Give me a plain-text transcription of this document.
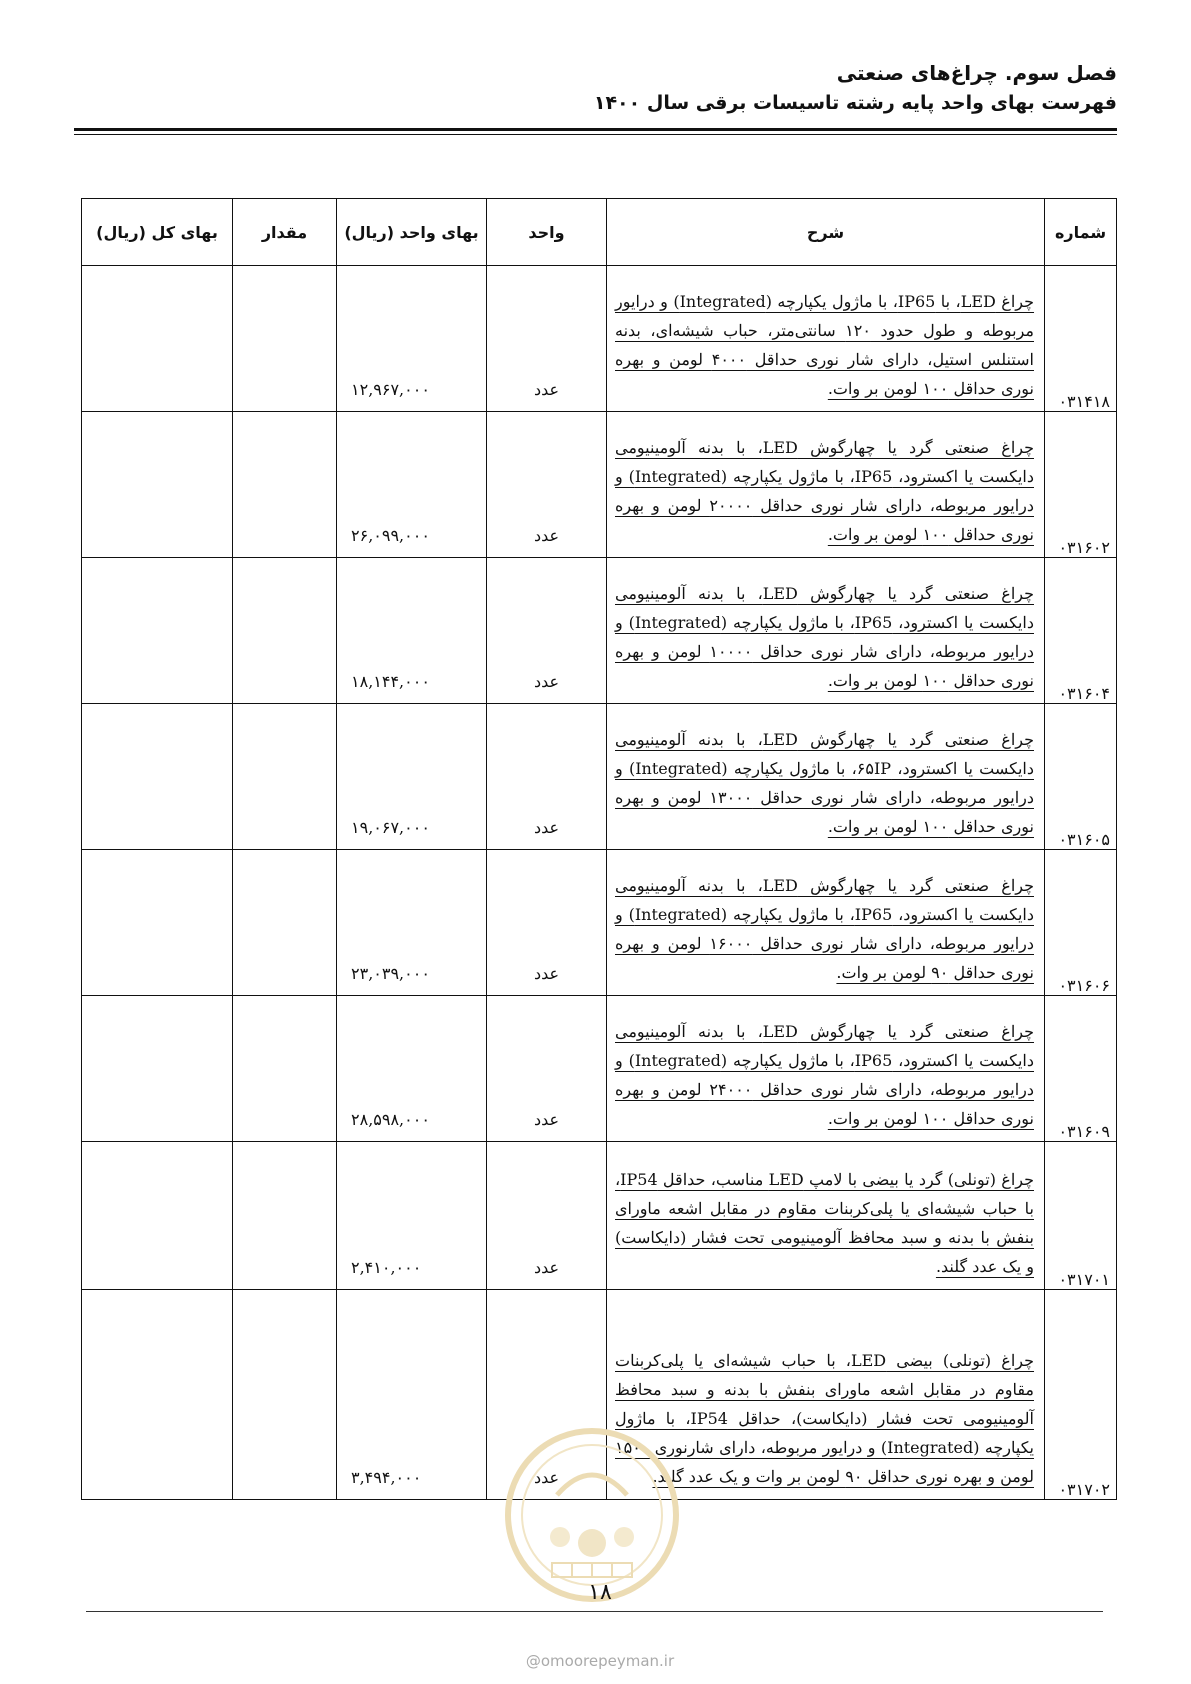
فصل سوم. چراغ‌های صنعتی
فهرست بهای واحد پایه رشته تاسیسات برقی سال ۱۴۰۰
شماره	شرح	واحد	بهای واحد (ریال)	مقدار	بهای کل (ریال)
۰۳۱۴۱۸	چراغ LED، با IP65، با ماژول یکپارچه (Integrated) و درایور مربوطه و طول حدود ۱۲۰ سانتی‌متر، حباب شیشه‌ای، بدنه استنلس استیل، دارای شار نوری حداقل ۴۰۰۰ لومن و بهره نوری حداقل ۱۰۰ لومن بر وات.	عدد	۱۲,۹۶۷,۰۰۰		
۰۳۱۶۰۲	چراغ صنعتی گرد یا چهارگوش LED، با بدنه آلومینیومی دایکست یا اکسترود، IP65، با ماژول یکپارچه (Integrated) و درایور مربوطه، دارای شار نوری حداقل ۲۰۰۰۰ لومن و بهره نوری حداقل ۱۰۰ لومن بر وات.	عدد	۲۶,۰۹۹,۰۰۰		
۰۳۱۶۰۴	چراغ صنعتی گرد یا چهارگوش LED، با بدنه آلومینیومی دایکست یا اکسترود، IP65، با ماژول یکپارچه (Integrated) و درایور مربوطه، دارای شار نوری حداقل ۱۰۰۰۰ لومن و بهره نوری حداقل ۱۰۰ لومن بر وات.	عدد	۱۸,۱۴۴,۰۰۰		
۰۳۱۶۰۵	چراغ صنعتی گرد یا چهارگوش LED، با بدنه آلومینیومی دایکست یا اکسترود، ۶۵IP، با ماژول یکپارچه (Integrated) و درایور مربوطه، دارای شار نوری حداقل ۱۳۰۰۰ لومن و بهره نوری حداقل ۱۰۰ لومن بر وات.	عدد	۱۹,۰۶۷,۰۰۰		
۰۳۱۶۰۶	چراغ صنعتی گرد یا چهارگوش LED، با بدنه آلومینیومی دایکست یا اکسترود، IP65، با ماژول یکپارچه (Integrated) و درایور مربوطه، دارای شار نوری حداقل ۱۶۰۰۰ لومن و بهره نوری حداقل ۹۰ لومن بر وات.	عدد	۲۳,۰۳۹,۰۰۰		
۰۳۱۶۰۹	چراغ صنعتی گرد یا چهارگوش LED، با بدنه آلومینیومی دایکست یا اکسترود، IP65، با ماژول یکپارچه (Integrated) و درایور مربوطه، دارای شار نوری حداقل ۲۴۰۰۰ لومن و بهره نوری حداقل ۱۰۰ لومن بر وات.	عدد	۲۸,۵۹۸,۰۰۰		
۰۳۱۷۰۱	چراغ (تونلی) گرد یا بیضی با لامپ LED مناسب، حداقل IP54، با حباب شیشه‌ای یا پلی‌کربنات مقاوم در مقابل اشعه ماورای بنفش با بدنه و سبد محافظ آلومینیومی تحت فشار (دایکاست) و یک عدد گلند.	عدد	۲,۴۱۰,۰۰۰		
۰۳۱۷۰۲	چراغ (تونلی) بیضی LED، با حباب شیشه‌ای یا پلی‌کربنات مقاوم در مقابل اشعه ماورای بنفش با بدنه و سبد محافظ آلومینیومی تحت فشار (دایکاست)، حداقل IP54، با ماژول یکپارچه (Integrated) و درایور مربوطه، دارای شارنوری ۱۵۰۰ لومن و بهره نوری حداقل ۹۰ لومن بر وات و یک عدد گلند.	عدد	۳,۴۹۴,۰۰۰		
۱۸
@omoorepeyman.ir
